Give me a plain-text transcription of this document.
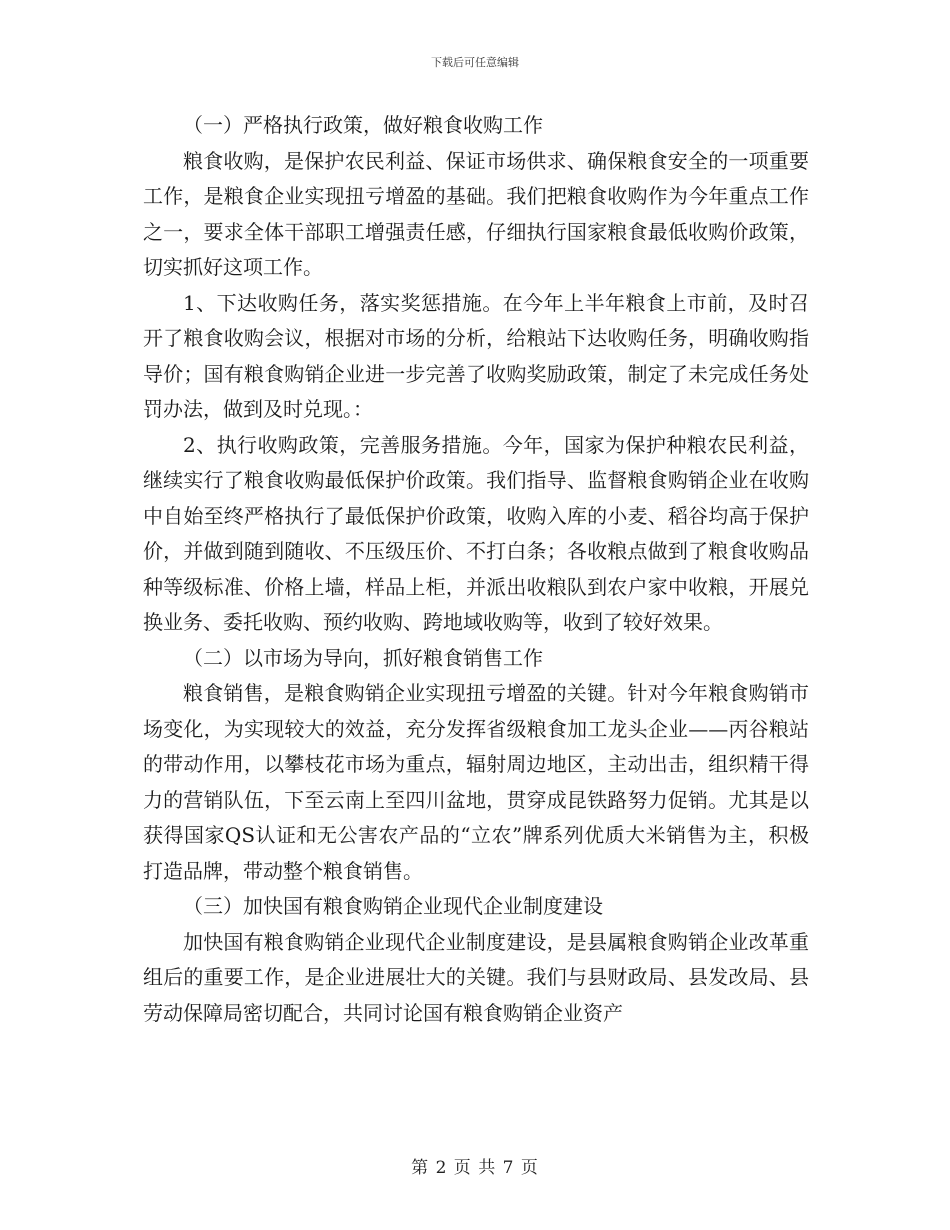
下载后可任意编辑

（一）严格执行政策，做好粮食收购工作

粮食收购，是保护农民利益、保证市场供求、确保粮食安全的一项重要工作，是粮食企业实现扭亏增盈的基础。我们把粮食收购作为今年重点工作之一，要求全体干部职工增强责任感，仔细执行国家粮食最低收购价政策，切实抓好这项工作。

1、下达收购任务，落实奖惩措施。在今年上半年粮食上市前，及时召开了粮食收购会议，根据对市场的分析，给粮站下达收购任务，明确收购指导价；国有粮食购销企业进一步完善了收购奖励政策，制定了未完成任务处罚办法，做到及时兑现。：

2、执行收购政策，完善服务措施。今年，国家为保护种粮农民利益，继续实行了粮食收购最低保护价政策。我们指导、监督粮食购销企业在收购中自始至终严格执行了最低保护价政策，收购入库的小麦、稻谷均高于保护价，并做到随到随收、不压级压价、不打白条；各收粮点做到了粮食收购品种等级标准、价格上墙，样品上柜，并派出收粮队到农户家中收粮，开展兑换业务、委托收购、预约收购、跨地域收购等，收到了较好效果。

（二）以市场为导向，抓好粮食销售工作

粮食销售，是粮食购销企业实现扭亏增盈的关键。针对今年粮食购销市场变化，为实现较大的效益，充分发挥省级粮食加工龙头企业——丙谷粮站的带动作用，以攀枝花市场为重点，辐射周边地区，主动出击，组织精干得力的营销队伍，下至云南上至四川盆地，贯穿成昆铁路努力促销。尤其是以获得国家QS认证和无公害农产品的“立农”牌系列优质大米销售为主，积极打造品牌，带动整个粮食销售。

（三）加快国有粮食购销企业现代企业制度建设

加快国有粮食购销企业现代企业制度建设，是县属粮食购销企业改革重组后的重要工作，是企业进展壮大的关键。我们与县财政局、县发改局、县劳动保障局密切配合，共同讨论国有粮食购销企业资产

第 2 页 共 7 页
